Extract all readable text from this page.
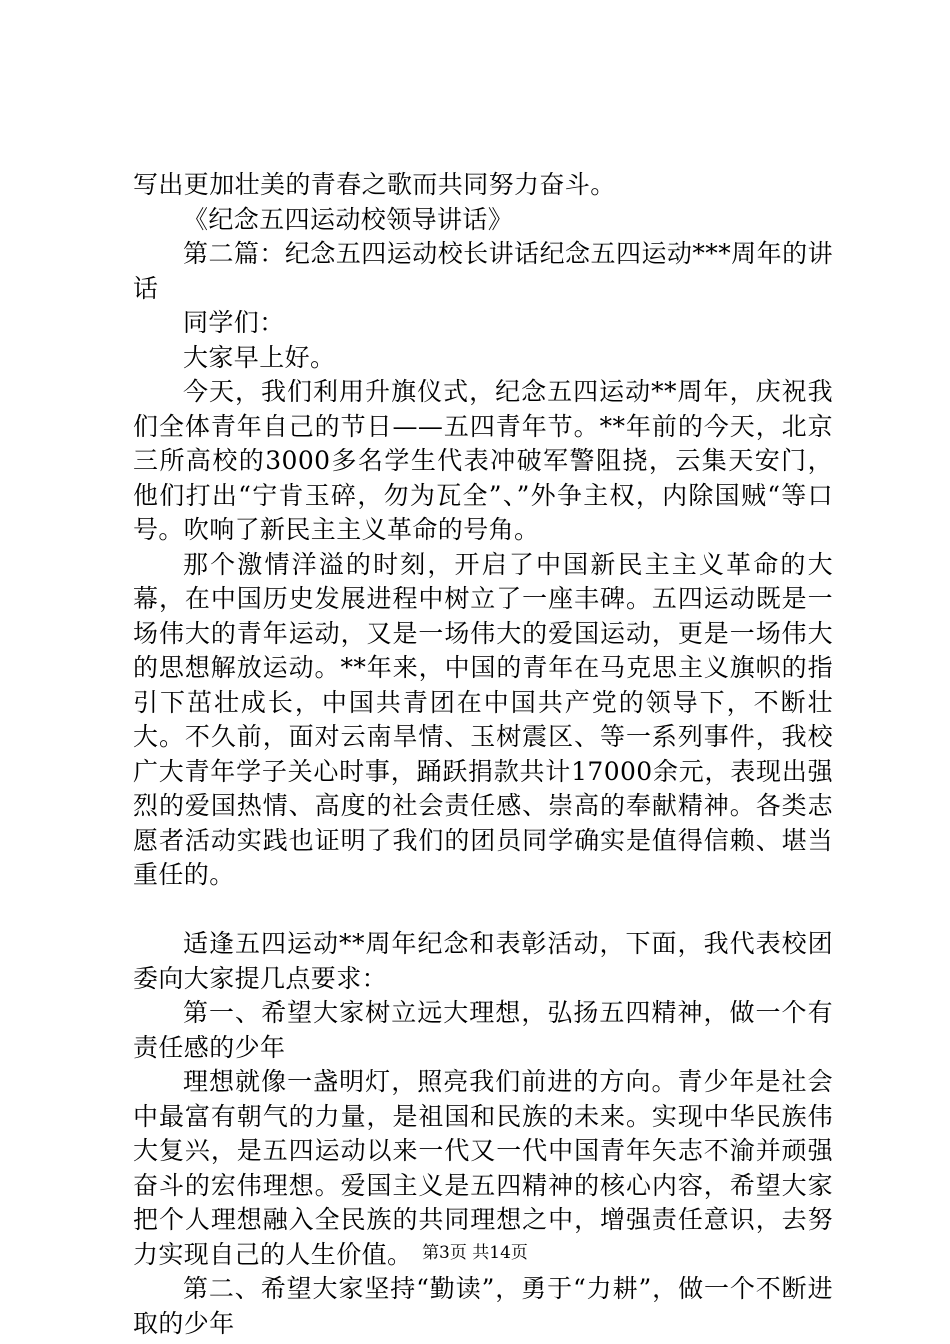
写出更加壮美的青春之歌而共同努力奋斗。

《纪念五四运动校领导讲话》

第二篇：纪念五四运动校长讲话纪念五四运动***周年的讲话

同学们：

大家早上好。

今天，我们利用升旗仪式，纪念五四运动**周年，庆祝我们全体青年自己的节日——五四青年节。**年前的今天，北京三所高校的3000多名学生代表冲破军警阻挠，云集天安门，他们打出“宁肯玉碎，勿为瓦全”、”外争主权，内除国贼“等口号。吹响了新民主主义革命的号角。

那个激情洋溢的时刻，开启了中国新民主主义革命的大幕，在中国历史发展进程中树立了一座丰碑。五四运动既是一场伟大的青年运动，又是一场伟大的爱国运动，更是一场伟大的思想解放运动。**年来，中国的青年在马克思主义旗帜的指引下茁壮成长，中国共青团在中国共产党的领导下，不断壮大。不久前，面对云南旱情、玉树震区、等一系列事件，我校广大青年学子关心时事，踊跃捐款共计17000余元，表现出强烈的爱国热情、高度的社会责任感、崇高的奉献精神。各类志愿者活动实践也证明了我们的团员同学确实是值得信赖、堪当重任的。

适逢五四运动**周年纪念和表彰活动，下面，我代表校团委向大家提几点要求：

第一、希望大家树立远大理想，弘扬五四精神，做一个有责任感的少年

理想就像一盏明灯，照亮我们前进的方向。青少年是社会中最富有朝气的力量，是祖国和民族的未来。实现中华民族伟大复兴，是五四运动以来一代又一代中国青年矢志不渝并顽强奋斗的宏伟理想。爱国主义是五四精神的核心内容，希望大家把个人理想融入全民族的共同理想之中，增强责任意识，去努力实现自己的人生价值。

第二、希望大家坚持“勤读”，勇于“力耕”，做一个不断进取的少年

第3页 共14页
